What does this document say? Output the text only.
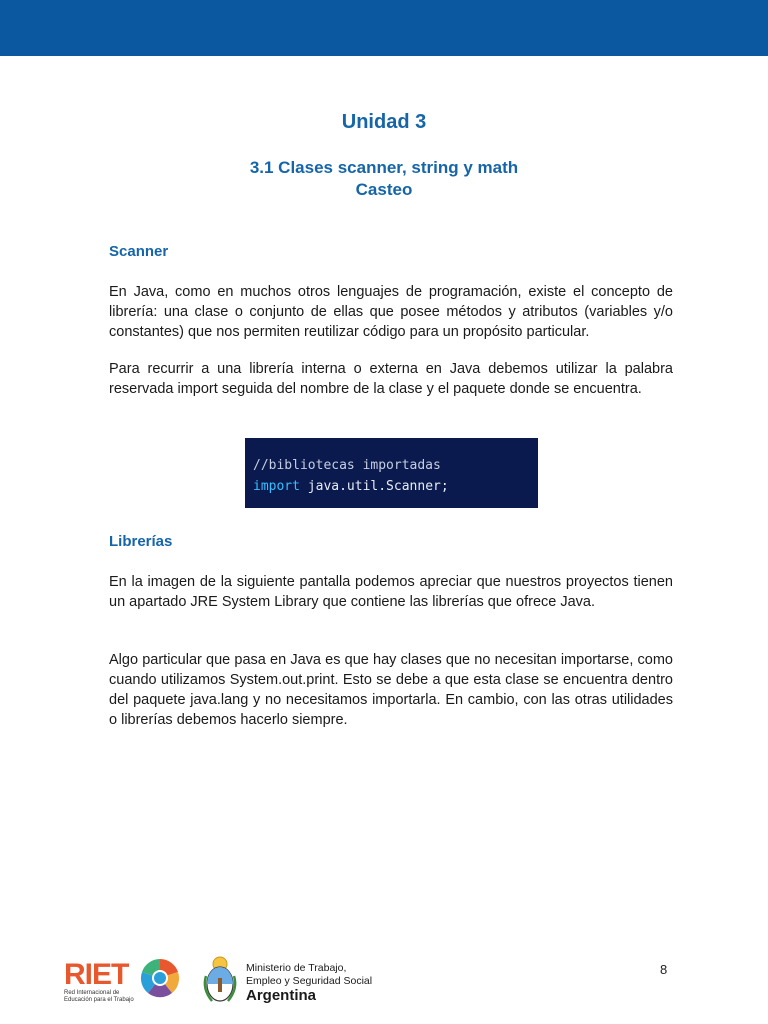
Unidad 3
3.1 Clases scanner, string y math
Casteo
Scanner

En Java, como en muchos otros lenguajes de programación, existe el concepto de librería: una clase o conjunto de ellas que posee métodos y atributos (variables y/o constantes) que nos permiten reutilizar código para un propósito particular.

Para recurrir a una librería interna o externa en Java debemos utilizar la palabra reservada import seguida del nombre de la clase y el paquete donde se encuentra.

//bibliotecas importadas
import java.util.Scanner;
Librerías

En la imagen de la siguiente pantalla podemos apreciar que nuestros proyectos tienen un apartado JRE System Library que contiene las librerías que ofrece Java.

Algo particular que pasa en Java es que hay clases que no necesitan importarse, como cuando utilizamos System.out.print. Esto se debe a que esta clase se encuentra dentro del paquete java.lang y no necesitamos importarla. En cambio, con las otras utilidades o librerías debemos hacerlo siempre.

8
RIET
Red Internacional de Educación para el Trabajo
Ministerio de Trabajo,
Empleo y Seguridad Social
Argentina
